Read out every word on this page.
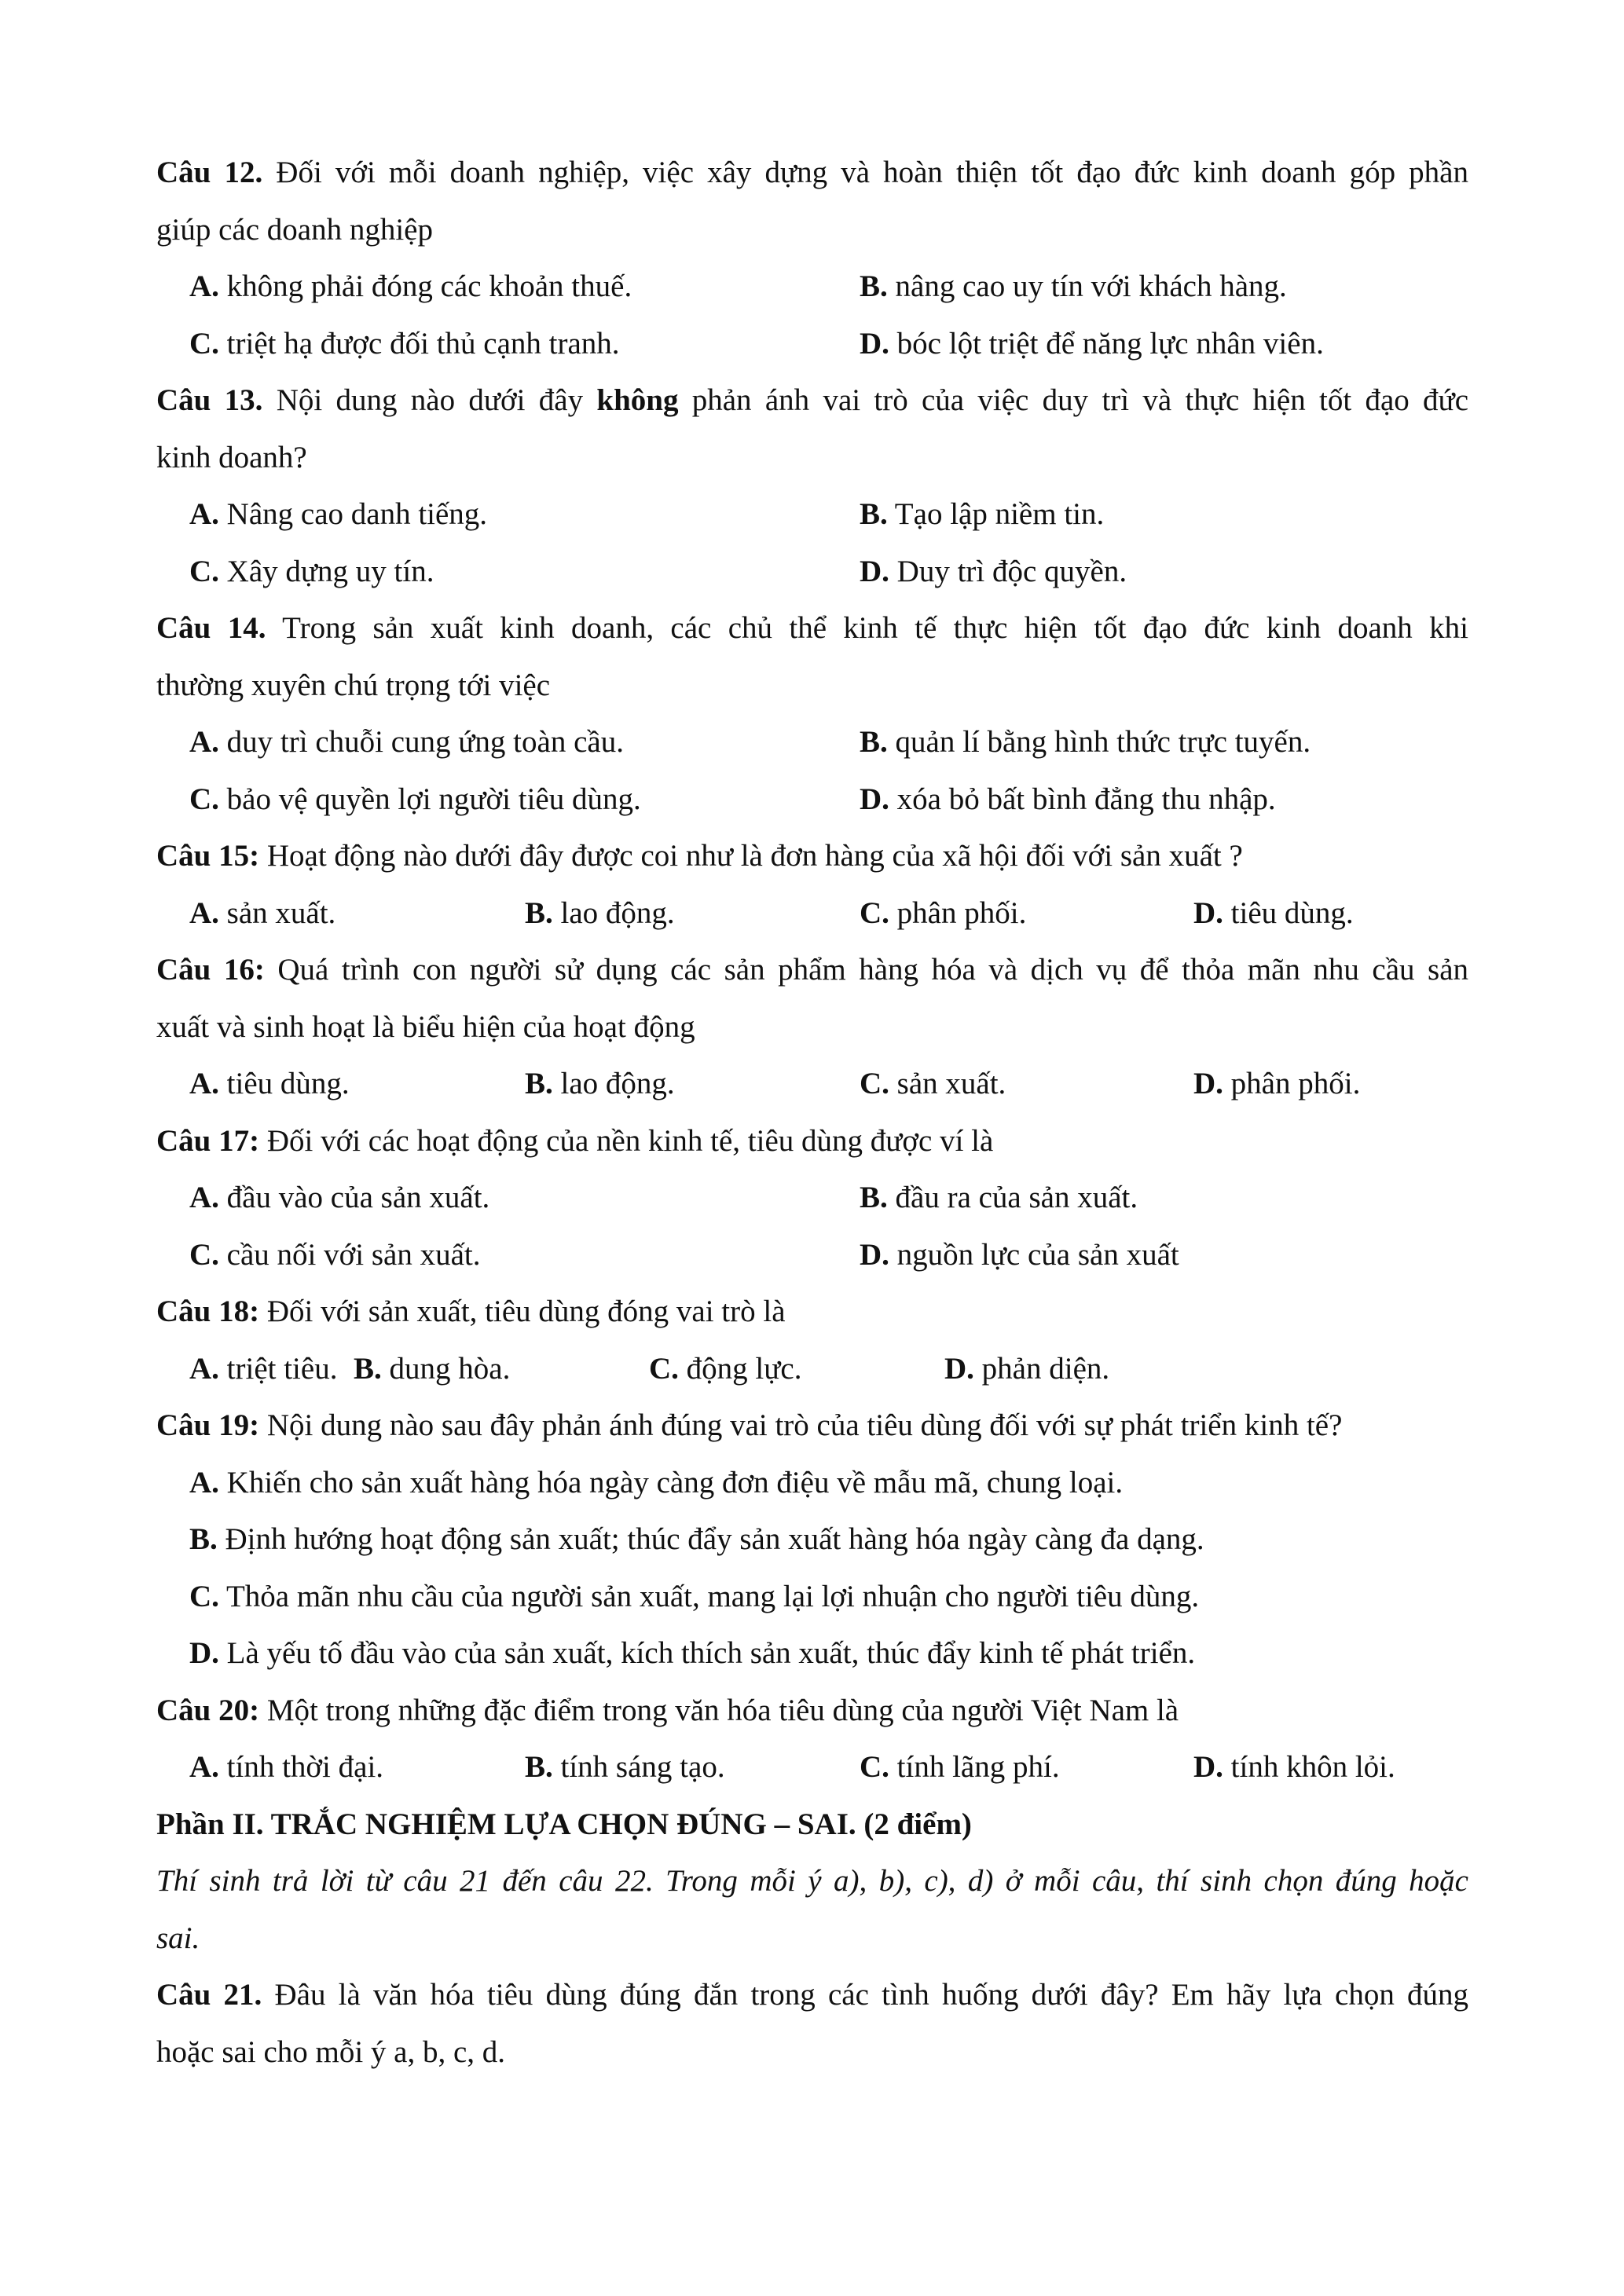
Câu 12. Đối với mỗi doanh nghiệp, việc xây dựng và hoàn thiện tốt đạo đức kinh doanh góp phần
giúp các doanh nghiệp
A. không phải đóng các khoản thuế.	B. nâng cao uy tín với khách hàng.
C. triệt hạ được đối thủ cạnh tranh.	D. bóc lột triệt để năng lực nhân viên.
Câu 13. Nội dung nào dưới đây không phản ánh vai trò của việc duy trì và thực hiện tốt đạo đức
kinh doanh?
A. Nâng cao danh tiếng.	B. Tạo lập niềm tin.
C. Xây dựng uy tín.	D. Duy trì độc quyền.
Câu 14. Trong sản xuất kinh doanh, các chủ thể kinh tế thực hiện tốt đạo đức kinh doanh khi
thường xuyên chú trọng tới việc
A. duy trì chuỗi cung ứng toàn cầu.	B. quản lí bằng hình thức trực tuyến.
C. bảo vệ quyền lợi người tiêu dùng.	D. xóa bỏ bất bình đẳng thu nhập.
Câu 15: Hoạt động nào dưới đây được coi như là đơn hàng của xã hội đối với sản xuất ?
A. sản xuất.	B. lao động.	C. phân phối.	D. tiêu dùng.
Câu 16: Quá trình con người sử dụng các sản phẩm hàng hóa và dịch vụ để thỏa mãn nhu cầu sản
xuất và sinh hoạt là biểu hiện của hoạt động
A. tiêu dùng.	B. lao động.	C. sản xuất.	D. phân phối.
Câu 17: Đối với các hoạt động của nền kinh tế, tiêu dùng được ví là
A. đầu vào của sản xuất.	B. đầu ra của sản xuất.
C. cầu nối với sản xuất.	D. nguồn lực của sản xuất
Câu 18: Đối với sản xuất, tiêu dùng đóng vai trò là
A. triệt tiêu. B. dung hòa.	C. động lực.	D. phản diện.
Câu 19: Nội dung nào sau đây phản ánh đúng vai trò của tiêu dùng đối với sự phát triển kinh tế?
A. Khiến cho sản xuất hàng hóa ngày càng đơn điệu về mẫu mã, chung loại.
B. Định hướng hoạt động sản xuất; thúc đẩy sản xuất hàng hóa ngày càng đa dạng.
C. Thỏa mãn nhu cầu của người sản xuất, mang lại lợi nhuận cho người tiêu dùng.
D. Là yếu tố đầu vào của sản xuất, kích thích sản xuất, thúc đẩy kinh tế phát triển.
Câu 20: Một trong những đặc điểm trong văn hóa tiêu dùng của người Việt Nam là
A. tính thời đại.	B. tính sáng tạo.	C. tính lãng phí.	D. tính khôn lỏi.
Phần II. TRẮC NGHIỆM LỰA CHỌN ĐÚNG – SAI. (2 điểm)
Thí sinh trả lời từ câu 21 đến câu 22. Trong mỗi ý a), b), c), d) ở mỗi câu, thí sinh chọn đúng hoặc
sai.
Câu 21. Đâu là văn hóa tiêu dùng đúng đắn trong các tình huống dưới đây? Em hãy lựa chọn đúng
hoặc sai cho mỗi ý a, b, c, d.
